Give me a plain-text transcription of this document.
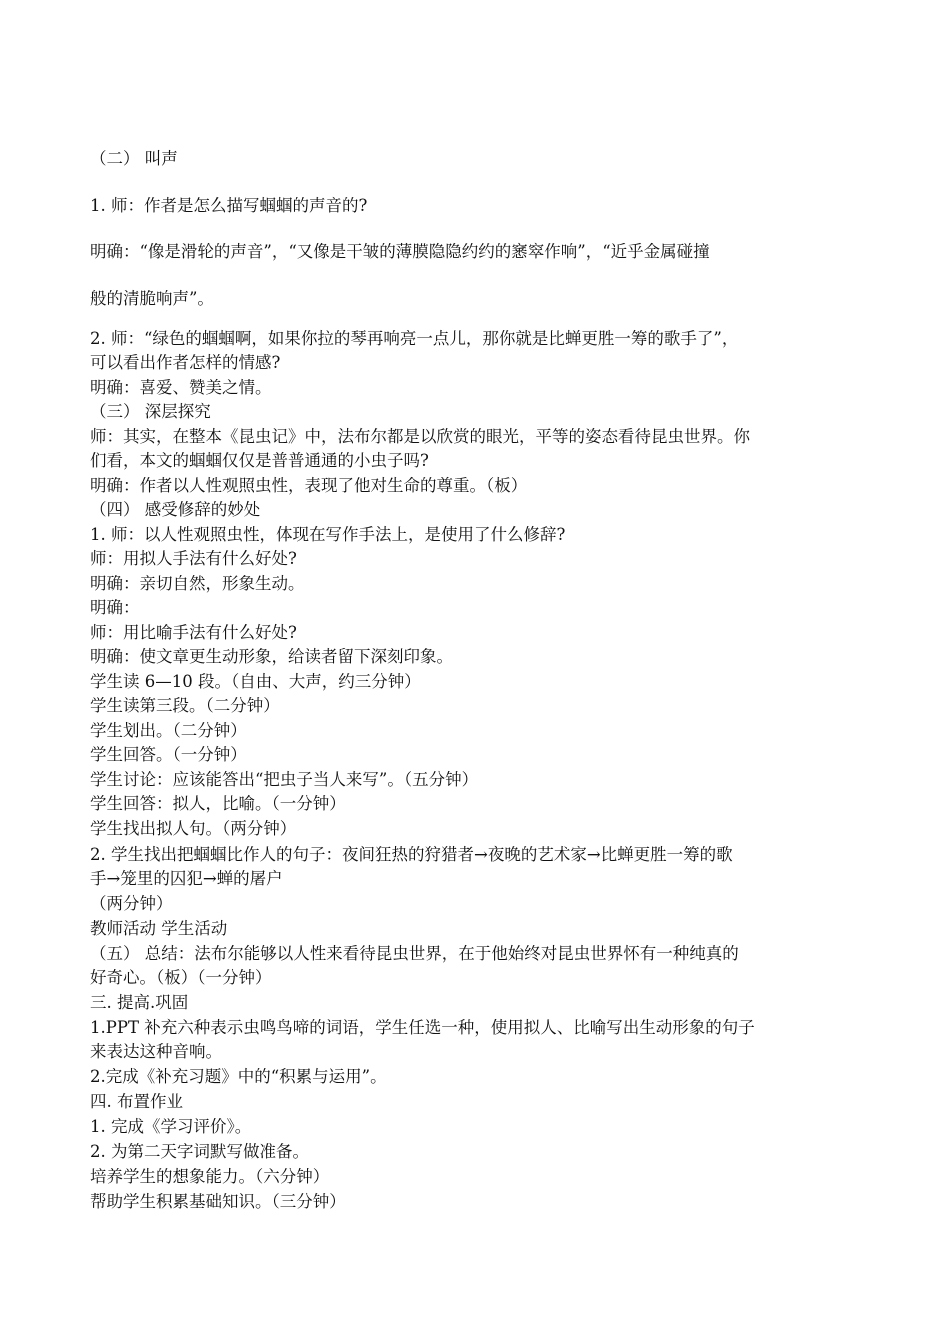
（二） 叫声
1. 师：作者是怎么描写蝈蝈的声音的?
明确：“像是滑轮的声音”，“又像是干皱的薄膜隐隐约约的窸窣作响”，“近乎金属碰撞
般的清脆响声”。
2. 师：“绿色的蝈蝈啊，如果你拉的琴再响亮一点儿，那你就是比蝉更胜一筹的歌手了”，
可以看出作者怎样的情感?
明确：喜爱、赞美之情。
（三） 深层探究
师：其实，在整本《昆虫记》中，法布尔都是以欣赏的眼光，平等的姿态看待昆虫世界。你
们看，本文的蝈蝈仅仅是普普通通的小虫子吗?
明确：作者以人性观照虫性，表现了他对生命的尊重。（板）
（四） 感受修辞的妙处
1. 师：以人性观照虫性，体现在写作手法上，是使用了什么修辞?
师：用拟人手法有什么好处?
明确：亲切自然，形象生动。
明确：
师：用比喻手法有什么好处?
明确：使文章更生动形象，给读者留下深刻印象。
学生读 6—10 段。（自由、大声，约三分钟）
学生读第三段。（二分钟）
学生划出。（二分钟）
学生回答。（一分钟）
学生讨论：应该能答出“把虫子当人来写”。（五分钟）
学生回答：拟人，比喻。（一分钟）
学生找出拟人句。（两分钟）
2. 学生找出把蝈蝈比作人的句子：夜间狂热的狩猎者→夜晚的艺术家→比蝉更胜一筹的歌
手→笼里的囚犯→蝉的屠户
（两分钟）
教师活动 学生活动
（五） 总结：法布尔能够以人性来看待昆虫世界，在于他始终对昆虫世界怀有一种纯真的
好奇心。（板）（一分钟）
三. 提高.巩固
1.PPT 补充六种表示虫鸣鸟啼的词语，学生任选一种，使用拟人、比喻写出生动形象的句子
来表达这种音响。
2.完成《补充习题》中的“积累与运用”。
四. 布置作业
1. 完成《学习评价》。
2. 为第二天字词默写做准备。
培养学生的想象能力。（六分钟）
帮助学生积累基础知识。（三分钟）
